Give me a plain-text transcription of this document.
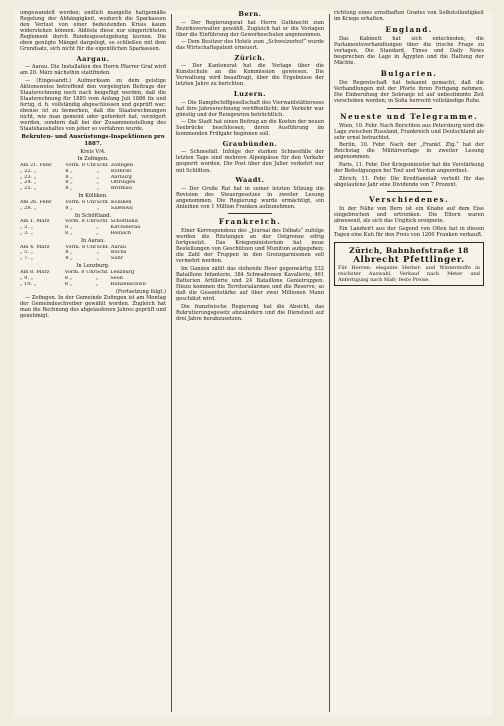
umgewandelt werden; endlich mangelte haltgemäße Regelung der Abhängigkeit, wodurch die Sparkassen den Verlust von einer bedeutenden Krisis kaum widerstehen können. Ablöste diese nur eingerichteten Reglement durch Bundesgesetzgebung kurzen. Die eben genügte Mängel dargelegt, so schließen mit dem Grundsatz, sich nicht für die eigentlichen Sparkassen.

Aargau.

— Aarau. Die Installation des Herrn Pfarrer Graf wird am 20. März nächsthin stattfinden.

— (Eingesandt.) Aufmerksam zu dem geistige Aktionsweise betreffend den vorgelegten Beitrags der Staatsrechnung noch nach beigefügt werden, daß die Staatsrechnung für 1885 vom Anfang Juli 1886 fix und fertig, d. h. vollständig abgeschlossen und geprüft war; ebenso ist zu bemerken, daß die Staatsrechnungen nicht, wie man gemeint oder gefordert hat, verzögert werden, sondern daß bei der Zusammenstellung des Staatshaushaltes von jeher so verfahren wurde.

Rekruten- und Ausrüstungs-Inspektionen pro 1887.
Kreis V/4.
In Zofingen.
Am 21. Febr.	Vorm. 8 Uhr	Schf.	Zofingen
„ 22. „	8 „	„	Rothrist
„ 23. „	8 „	„	Aarburg
„ 24. „	8 „	„	Oftringen
„ 25. „	8 „	„	Brittnau
In Kölliken.
Am 26. Febr.	Vorm. 8 Uhr	Schf.	Kölliken
„ 28. „	8 „	„	Safenwil
In Schöftland.
Am 1. März	Vorm. 8 Uhr	Schf.	Schöftland
„ 2. „	8 „	„	Kirchleerau
„ 3. „	8 „	„	Reinach
In Aarau.
Am 4. März	Vorm. 8 Uhr	Schf.	Aarau
„ 5. „	8 „	„	Buchs
„ 7. „	8 „	„	Suhr
In Lenzburg.
Am 8. März	Vorm. 8 Uhr	Schf.	Lenzburg
„ 9. „	8 „	„	Seon
„ 10. „	8 „	„	Hunzenschwil
(Fortsetzung folgt.)

— Zofingen. In der Gemeinde Zofingen ist am Montag der Gemeindeschreiber gewählt worden. Zugleich hat man die Rechnung des abgelaufenen Jahres geprüft und genehmigt.

Bern.

— Der Regierungsrat hat Herrn Gutknecht zum Bezirksverwalter gewählt. Zugleich hat er die Vorlagen über die Einführung der Gewerbeschulen angenommen.

— Dem Besitzer des Hotels zum „Schweizerhof“ wurde das Wirtschaftspatent erneuert.

Zürich.

— Der Kantonsrat hat die Vorlage über die Kunstschule an die Kommission gewiesen. Die Verwaltung wird beauftragt, über die Ergebnisse der letzten Jahre zu berichten.

Luzern.

— Die Dampfschiffgesellschaft des Vierwaldstättersees hat ihre Jahresrechnung veröffentlicht; der Verkehr war günstig und der Reingewinn beträchtlich.

— Die Stadt hat einen Beitrag an die Kosten der neuen Seebrücke beschlossen, deren Ausführung im kommenden Frühjahr beginnen soll.

Graubünden.

— Schneefall. Infolge der starken Schneefälle der letzten Tage sind mehrere Alpenpässe für den Verkehr gesperrt worden. Die Post über den Julier verkehrt nur mit Schlitten.

Waadt.

— Der Große Rat hat in seiner letzten Sitzung die Revision des Steuergesetzes in zweiter Lesung angenommen. Die Regierung wurde ermächtigt, ein Anleihen von 1 Million Franken aufzunehmen.

Frankreich.

Einer Korrespondenz des „Journal des Débats“ zufolge werden die Rüstungen an der Ostgrenze eifrig fortgesetzt. Das Kriegsministerium hat neue Bestellungen von Geschützen und Munition aufgegeben; die Zahl der Truppen in den Grenzgarnisonen soll vermehrt werden.

Im Ganzen zählt das stehende Heer gegenwärtig 532 Bataillone Infanterie, 384 Schwadronen Kavallerie, 461 Batterien Artillerie und 24 Bataillone Genietruppen. Hiezu kommen die Territorialarmee und die Reserve, so daß die Gesamtstärke auf über zwei Millionen Mann geschätzt wird.

Die französische Regierung hat die Absicht, das Rekrutierungsgesetz abzuändern und die Dienstzeit auf drei Jahre herabzusetzen.

richtung eines ernsthaften Grades von Selbstständigkeit im Kriege erhalten.

England.

Das Kabinett hat sich entschieden, die Parlamentsverhandlungen über die irische Frage zu vertagen. Die Standard, Times und Daily News besprechen die Lage in Ägypten und die Haltung der Mächte.

Bulgarien.

Die Regentschaft hat bekannt gemacht, daß die Verhandlungen mit der Pforte ihren Fortgang nehmen. Die Einberufung der Sobranje ist auf unbestimmte Zeit verschoben worden; in Sofia herrscht vollständige Ruhe.

Neueste und Telegramme.

Wien, 10. Febr. Nach Berichten aus Petersburg wird die Lage zwischen Russland, Frankreich und Deutschland als sehr ernst betrachtet.

Berlin, 10. Febr. Nach der „Frankf. Ztg.“ hat der Reichstag die Militärvorlage in zweiter Lesung angenommen.

Paris, 11. Febr. Der Kriegsminister hat die Verstärkung der Befestigungen bei Toul und Verdun angeordnet.

Zürich, 11. Febr. Die Kreditanstalt verteilt für das abgelaufene Jahr eine Dividende von 7 Prozent.

Verschiedenes.

In der Nähe von Bern ist ein Knabe auf dem Eise eingebrochen und ertrunken. Die Eltern waren abwesend, als sich das Unglück ereignete.

Ein Landwirt aus der Gegend von Olten hat in diesen Tagen eine Kuh für den Preis von 1200 Franken verkauft.

Zürich, Bahnhofstraße 18
Albrecht Pfettlinger.
Für Herren: elegante Herbst- und Winterstoffe in reichster Auswahl, Verkauf nach Meter und Anfertigung nach Maß; feste Preise.
